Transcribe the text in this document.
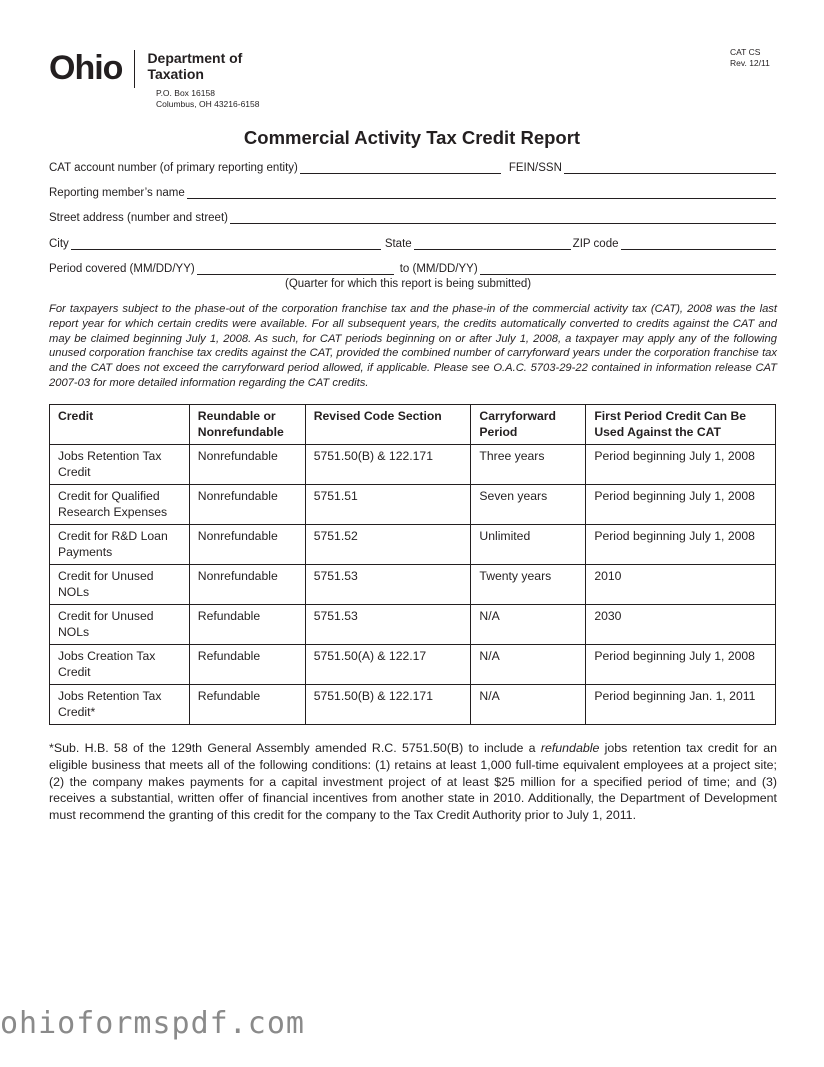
Ohio Department of
Taxation
P.O. Box 16158
Columbus, OH 43216-6158
CAT CS
Rev. 12/11
Commercial Activity Tax Credit Report
CAT account number (of primary reporting entity)	FEIN/SSN
Reporting member’s name
Street address (number and street)
City	State	ZIP code
Period covered (MM/DD/YY)	to (MM/DD/YY)
(Quarter for which this report is being submitted)
For taxpayers subject to the phase-out of the corporation franchise tax and the phase-in of the commercial activity tax (CAT), 2008 was the last report year for which certain credits were available. For all subsequent years, the credits automatically converted to credits against the CAT and may be claimed beginning July 1, 2008. As such, for CAT periods beginning on or after July 1, 2008, a taxpayer may apply any of the following unused corporation franchise tax credits against the CAT, provided the combined number of carryforward years under the corporation franchise tax and the CAT does not exceed the carryforward period allowed, if applicable. Please see O.A.C. 5703-29-22 contained in information release CAT 2007-03 for more detailed information regarding the CAT credits.
Credit	Reundable or Nonrefundable	Revised Code Section	Carryforward Period	First Period Credit Can Be Used Against the CAT
Jobs Retention Tax Credit	Nonrefundable	5751.50(B) & 122.171	Three years	Period beginning July 1, 2008
Credit for Qualified Research Expenses	Nonrefundable	5751.51	Seven years	Period beginning July 1, 2008
Credit for R&D Loan Payments	Nonrefundable	5751.52	Unlimited	Period beginning July 1, 2008
Credit for Unused NOLs	Nonrefundable	5751.53	Twenty years	2010
Credit for Unused NOLs	Refundable	5751.53	N/A	2030
Jobs Creation Tax Credit	Refundable	5751.50(A) & 122.17	N/A	Period beginning July 1, 2008
Jobs Retention Tax Credit*	Refundable	5751.50(B) & 122.171	N/A	Period beginning Jan. 1, 2011
*Sub. H.B. 58 of the 129th General Assembly amended R.C. 5751.50(B) to include a refundable jobs retention tax credit for an eligible business that meets all of the following conditions: (1) retains at least 1,000 full-time equivalent employees at a project site; (2) the company makes payments for a capital investment project of at least $25 million for a specified period of time; and (3) receives a substantial, written offer of financial incentives from another state in 2010. Additionally, the Department of Development must recommend the granting of this credit for the company to the Tax Credit Authority prior to July 1, 2011.
ohioformspdf.com
